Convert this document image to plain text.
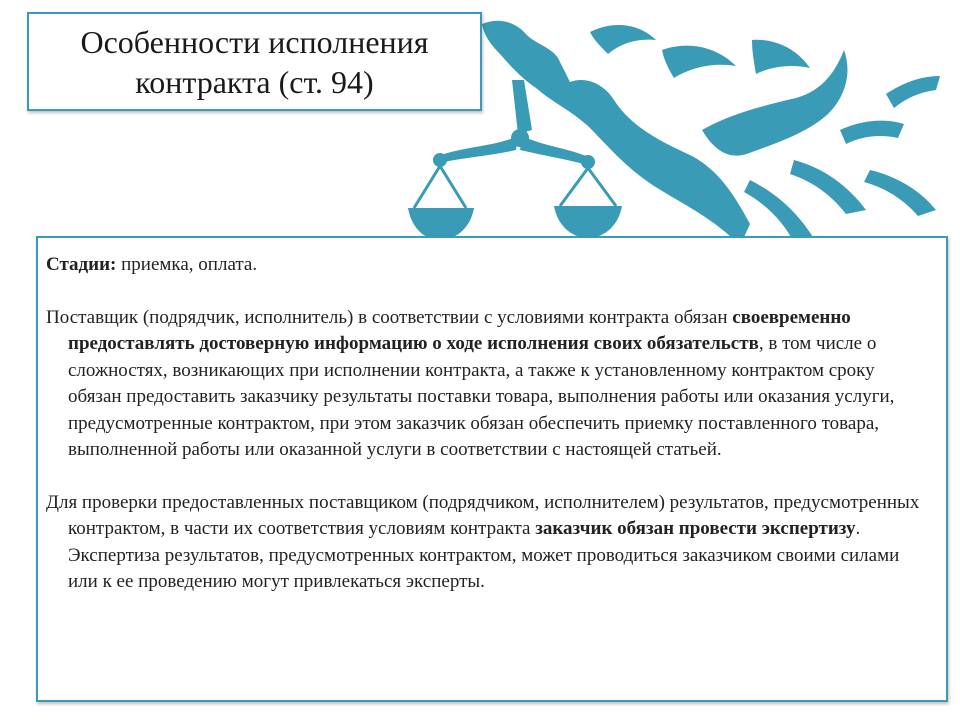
Особенности исполнения
контракта (ст. 94)

Стадии: приемка, оплата.

Поставщик (подрядчик, исполнитель) в соответствии с условиями контракта обязан своевременно предоставлять достоверную информацию о ходе исполнения своих обязательств, в том числе о сложностях, возникающих при исполнении контракта, а также к установленному контрактом сроку обязан предоставить заказчику результаты поставки товара, выполнения работы или оказания услуги, предусмотренные контрактом, при этом заказчик обязан обеспечить приемку поставленного товара, выполненной работы или оказанной услуги в соответствии с настоящей статьей.

Для проверки предоставленных поставщиком (подрядчиком, исполнителем) результатов, предусмотренных контрактом, в части их соответствия условиям контракта заказчик обязан провести экспертизу. Экспертиза результатов, предусмотренных контрактом, может проводиться заказчиком своими силами или к ее проведению могут привлекаться эксперты.
